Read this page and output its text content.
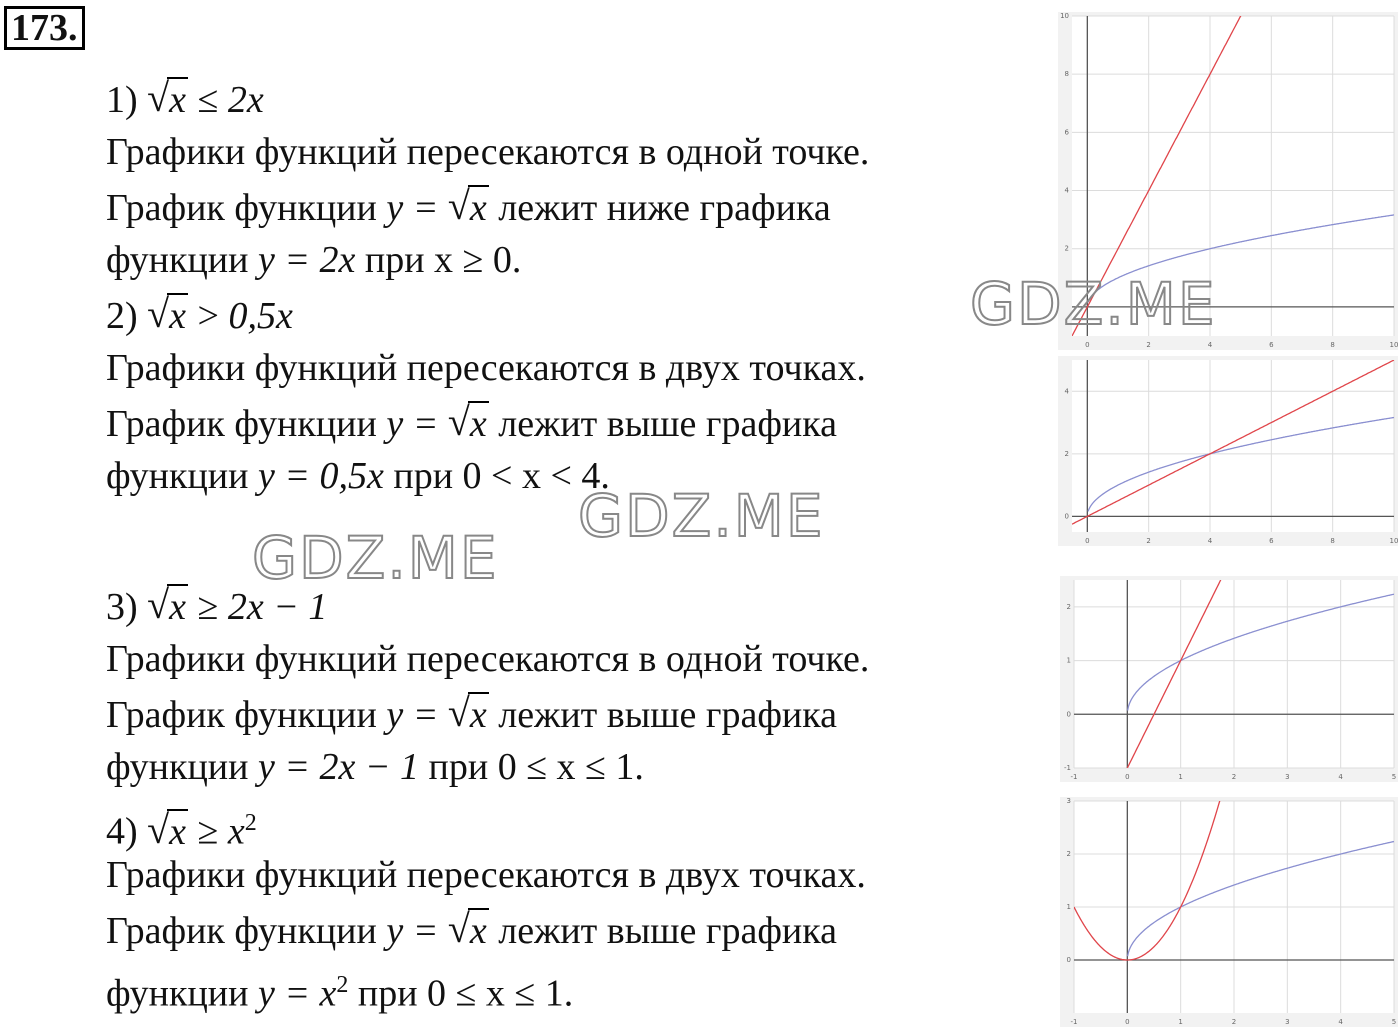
173.
1) √ x ≤ 2x
Графики функций пересекаются в одной точке.
График функции y = √ x лежит ниже графика
функции y = 2x при x ≥ 0.
2) √ x > 0,5x
Графики функций пересекаются в двух точках.
График функции y = √ x лежит выше графика
функции y = 0,5x при 0 < x < 4.
3) √ x ≥ 2x − 1
Графики функций пересекаются в одной точке.
График функции y = √ x лежит выше графика
функции y = 2x − 1 при 0 ≤ x ≤ 1.
4) √ $x \ge x^2$
Графики функций пересекаются в двух точках.
График функции y = √ x лежит выше графика
функции $y = x^2$ при 0 ≤ x ≤ 1.
0	2	4	6	8	10
2
4
6
8
10
0	2	4	6	8	10
0
2
4
-1	0	1	2	3	4	5
-1
0
1
2
-1	0	1	2	3	4	5
0
1
2
3
GDZ.ME
GDZ.ME
GDZ.ME
